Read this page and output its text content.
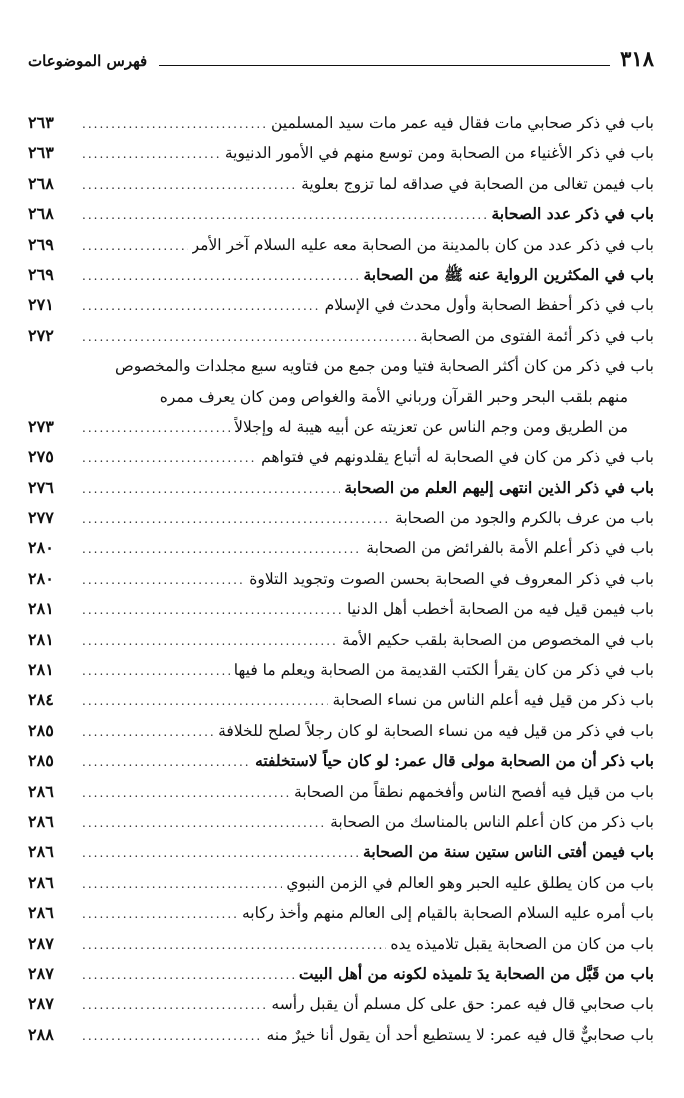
٣١٨
فهرس الموضوعات
باب في ذكر صحابي مات فقال فيه عمر مات سيد المسلمين
.....
٢٦٣
باب في ذكر الأغنياء من الصحابة ومن توسع منهم في الأمور الدنيوية
.....
٢٦٣
باب فيمن تغالى من الصحابة في صداقه لما تزوج بعلوية
.....
٢٦٨
باب في ذكر عدد الصحابة
.....
٢٦٨
باب في ذكر عدد من كان بالمدينة من الصحابة معه عليه السلام آخر الأمر
.....
٢٦٩
باب في المكثرين الرواية عنه ﷺ من الصحابة
.....
٢٦٩
باب في ذكر أحفظ الصحابة وأول محدث في الإسلام
.....
٢٧١
باب في ذكر أئمة الفتوى من الصحابة
.....
٢٧٢
باب في ذكر من كان أكثر الصحابة فتيا ومن جمع من فتاويه سبع مجلدات والمخصوص
منهم بلقب البحر وحبر القرآن ورباني الأمة والغواص ومن كان يعرف ممره
من الطريق ومن وجم الناس عن تعزيته عن أبيه هيبة له وإجلالاً
.....
٢٧٣
باب في ذكر من كان في الصحابة له أتباع يقلدونهم في فتواهم
.....
٢٧٥
باب في ذكر الذين انتهى إليهم العلم من الصحابة
.....
٢٧٦
باب من عرف بالكرم والجود من الصحابة
.....
٢٧٧
باب في ذكر أعلم الأمة بالفرائض من الصحابة
.....
٢٨٠
باب في ذكر المعروف في الصحابة بحسن الصوت وتجويد التلاوة
.....
٢٨٠
باب فيمن قيل فيه من الصحابة أخطب أهل الدنيا
.....
٢٨١
باب في المخصوص من الصحابة بلقب حكيم الأمة
.....
٢٨١
باب في ذكر من كان يقرأ الكتب القديمة من الصحابة ويعلم ما فيها
.....
٢٨١
باب ذكر من قيل فيه أعلم الناس من نساء الصحابة
.....
٢٨٤
باب في ذكر من قيل فيه من نساء الصحابة لو كان رجلاً لصلح للخلافة
.....
٢٨٥
باب ذكر أن من الصحابة مولى قال عمر: لو كان حياً لاستخلفته
.....
٢٨٥
باب من قيل فيه أفصح الناس وأفخمهم نطقاً من الصحابة
.....
٢٨٦
باب ذكر من كان أعلم الناس بالمناسك من الصحابة
.....
٢٨٦
باب فيمن أفتى الناس ستين سنة من الصحابة
.....
٢٨٦
باب من كان يطلق عليه الحبر وهو العالم في الزمن النبوي
.....
٢٨٦
باب أمره عليه السلام الصحابة بالقيام إلى العالم منهم وأخذ ركابه
.....
٢٨٦
باب من كان من الصحابة يقبل تلاميذه يده
.....
٢٨٧
باب من قَبَّل من الصحابة يدَ تلميذه لكونه من أهل البيت
.....
٢٨٧
باب صحابي قال فيه عمر: حق على كل مسلم أن يقبل رأسه
.....
٢٨٧
باب صحابيٌّ قال فيه عمر: لا يستطيع أحد أن يقول أنا خيرٌ منه
.....
٢٨٨
